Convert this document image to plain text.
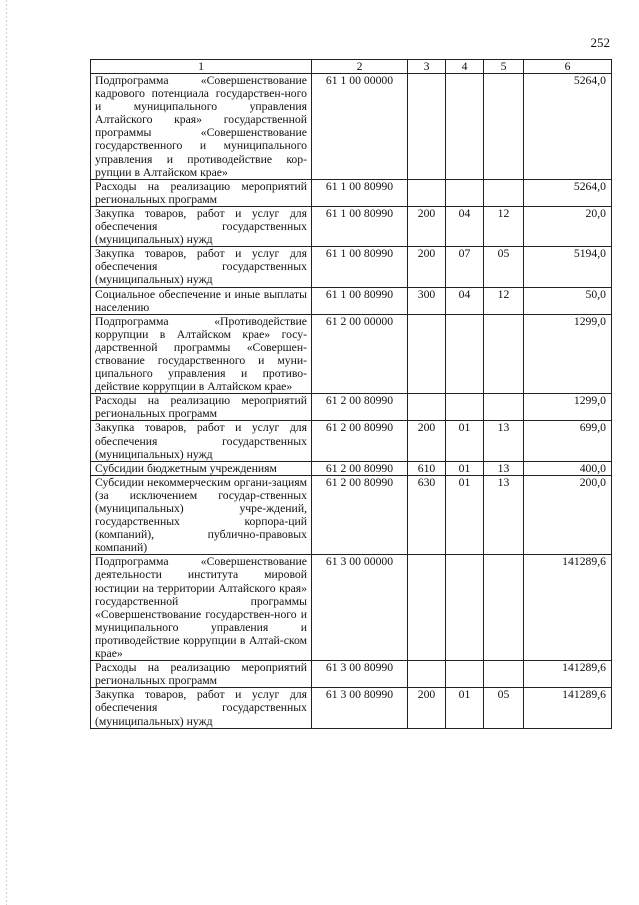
252
1	2	3	4	5	6
Подпрограмма «Совершенствование кадрового потенциала государствен-ного и муниципального управления Алтайского края» государственной программы «Совершенствование государственного и муниципального управления и противодействие кор-рупции в Алтайском крае»	61 1 00 00000				5264,0
Расходы на реализацию мероприятий региональных программ	61 1 00 80990				5264,0
Закупка товаров, работ и услуг для обеспечения государственных (муниципальных) нужд	61 1 00 80990	200	04	12	20,0
Закупка товаров, работ и услуг для обеспечения государственных (муниципальных) нужд	61 1 00 80990	200	07	05	5194,0
Социальное обеспечение и иные выплаты населению	61 1 00 80990	300	04	12	50,0
Подпрограмма «Противодействие коррупции в Алтайском крае» госу-дарственной программы «Совершен-ствование государственного и муни-ципального управления и противо-действие коррупции в Алтайском крае»	61 2 00 00000				1299,0
Расходы на реализацию мероприятий региональных программ	61 2 00 80990				1299,0
Закупка товаров, работ и услуг для обеспечения государственных (муниципальных) нужд	61 2 00 80990	200	01	13	699,0
Субсидии бюджетным учреждениям	61 2 00 80990	610	01	13	400,0
Субсидии некоммерческим органи-зациям (за исключением государ-ственных (муниципальных) учре-ждений, государственных корпора-ций (компаний), публично-правовых компаний)	61 2 00 80990	630	01	13	200,0
Подпрограмма «Совершенствование деятельности института мировой юстиции на территории Алтайского края» государственной программы «Совершенствование государствен-ного и муниципального управления и противодействие коррупции в Алтай-ском крае»	61 3 00 00000				141289,6
Расходы на реализацию мероприятий региональных программ	61 3 00 80990				141289,6
Закупка товаров, работ и услуг для обеспечения государственных (муниципальных) нужд	61 3 00 80990	200	01	05	141289,6
